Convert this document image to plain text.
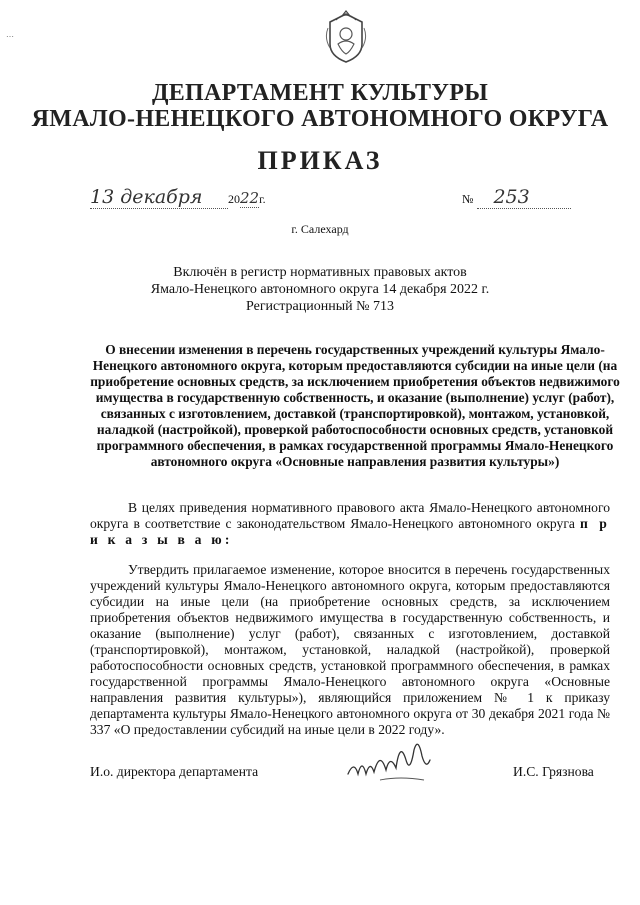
…
ДЕПАРТАМЕНТ КУЛЬТУРЫ
ЯМАЛО-НЕНЕЦКОГО АВТОНОМНОГО ОКРУГА
ПРИКАЗ
13 декабря 2022г.	№ 253
г. Салехард
Включён в регистр нормативных правовых актов
Ямало-Ненецкого автономного округа 14 декабря 2022 г.
Регистрационный № 713
О внесении изменения в перечень государственных учреждений культуры Ямало-Ненецкого автономного округа, которым предоставляются субсидии на иные цели (на приобретение основных средств, за исключением приобретения объектов недвижимого имущества в государственную собственность, и оказание (выполнение) услуг (работ), связанных с изготовлением, доставкой (транспортировкой), монтажом, установкой, наладкой (настройкой), проверкой работоспособности основных средств, установкой программного обеспечения, в рамках государственной программы Ямало-Ненецкого автономного округа «Основные направления развития культуры»)
В целях приведения нормативного правового акта Ямало-Ненецкого автономного округа в соответствие с законодательством Ямало-Ненецкого автономного округа п р и к а з ы в а ю:
Утвердить прилагаемое изменение, которое вносится в перечень государственных учреждений культуры Ямало-Ненецкого автономного округа, которым предоставляются субсидии на иные цели (на приобретение основных средств, за исключением приобретения объектов недвижимого имущества в государственную собственность, и оказание (выполнение) услуг (работ), связанных с изготовлением, доставкой (транспортировкой), монтажом, установкой, наладкой (настройкой), проверкой работоспособности основных средств, установкой программного обеспечения, в рамках государственной программы Ямало-Ненецкого автономного округа «Основные направления развития культуры»), являющийся приложением № 1 к приказу департамента культуры Ямало-Ненецкого автономного округа от 30 декабря 2021 года № 337 «О предоставлении субсидий на иные цели в 2022 году».
И.о. директора департамента	И.С. Грязнова
